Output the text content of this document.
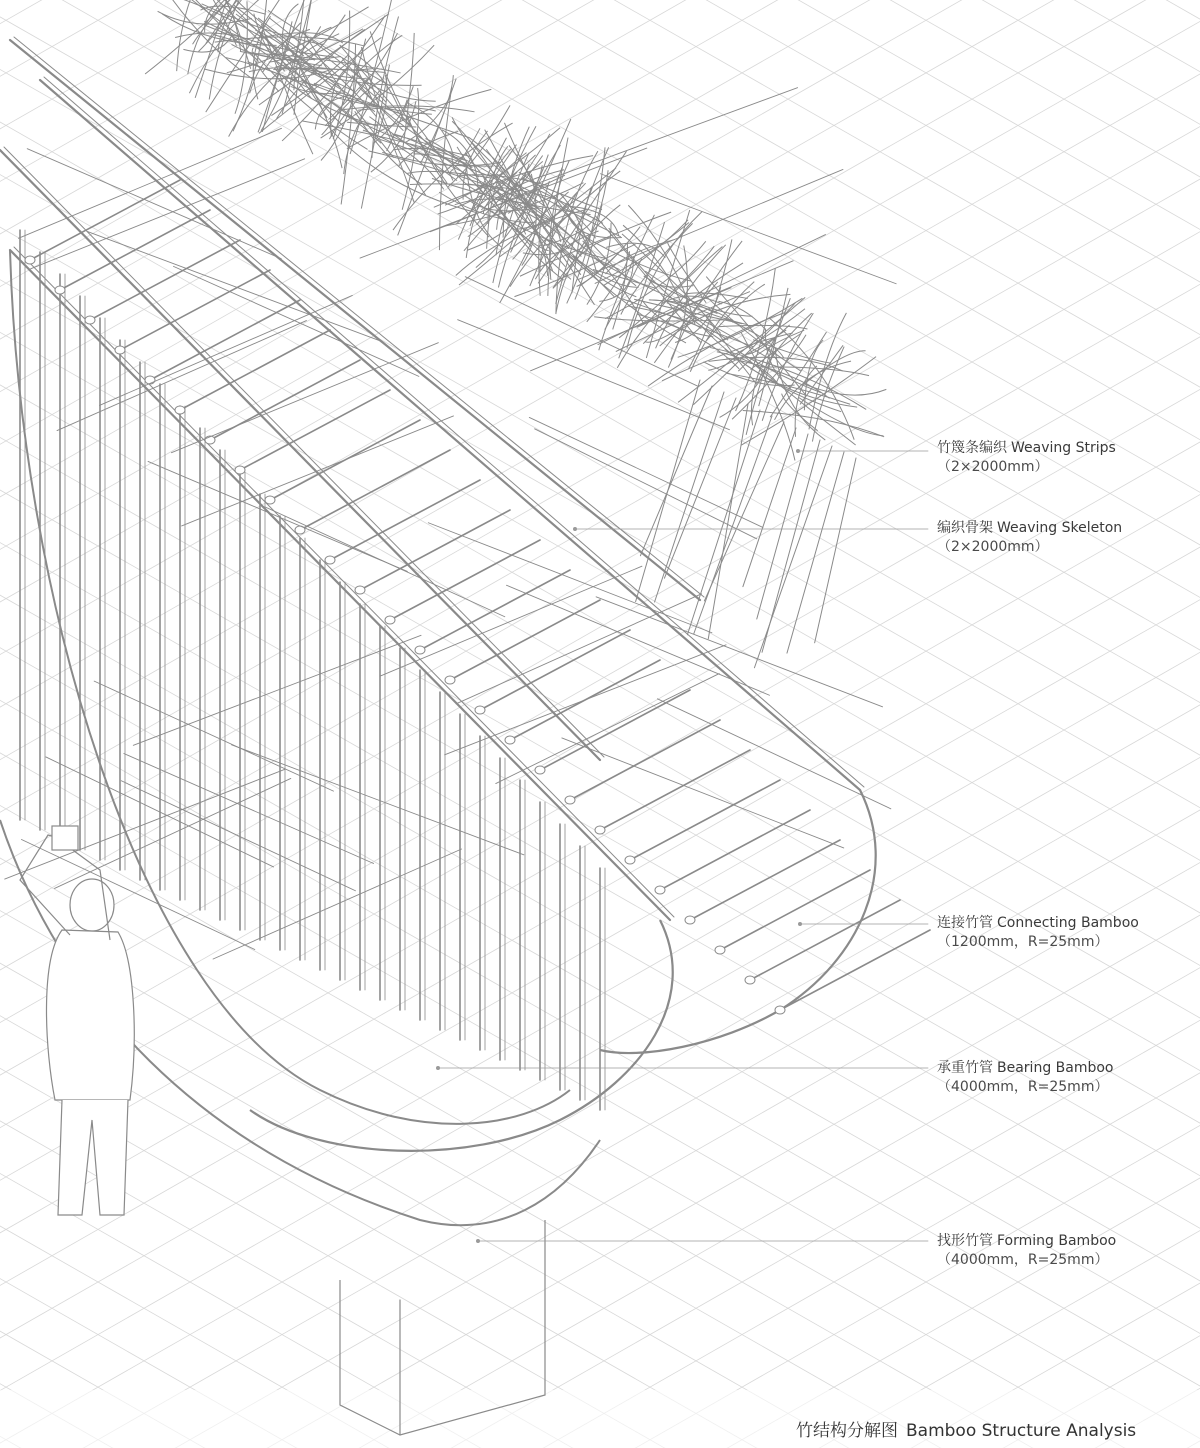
竹篾条编织 Weaving Strips
（2×2000mm）
编织骨架 Weaving Skeleton
（2×2000mm）
连接竹管 Connecting Bamboo
（1200mm，R=25mm）
承重竹管 Bearing Bamboo
（4000mm，R=25mm）
找形竹管 Forming Bamboo
（4000mm，R=25mm）
竹结构分解图 Bamboo Structure Analysis
